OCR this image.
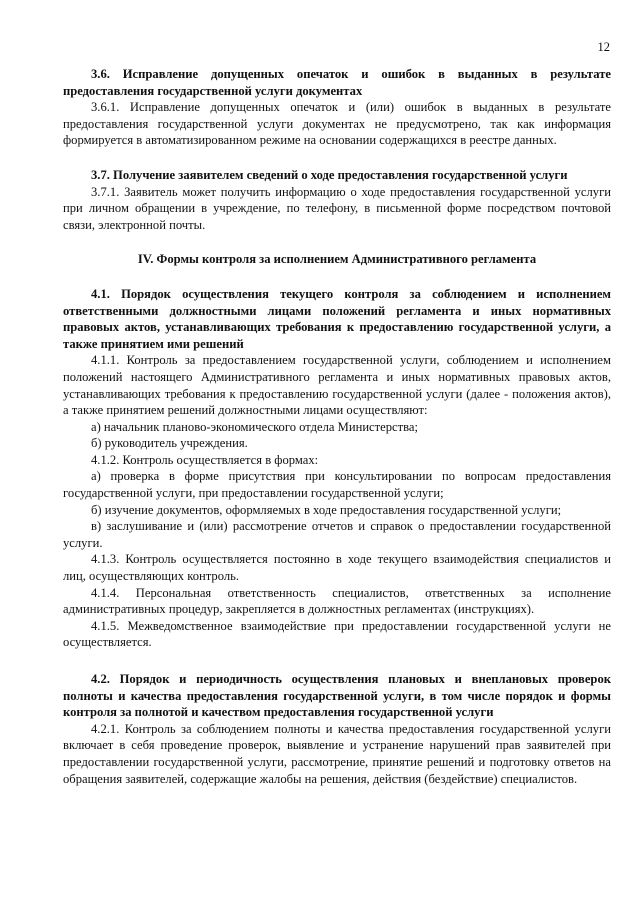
12

3.6. Исправление допущенных опечаток и ошибок в выданных в результате предоставления государственной услуги документах

3.6.1. Исправление допущенных опечаток и (или) ошибок в выданных в результате предоставления государственной услуги документах не предусмотрено, так как информация формируется в автоматизированном режиме на основании содержащихся в реестре данных.

3.7. Получение заявителем сведений о ходе предоставления государственной услуги

3.7.1. Заявитель может получить информацию о ходе предоставления государственной услуги при личном обращении в учреждение, по телефону, в письменной форме посредством почтовой связи, электронной почты.

IV. Формы контроля за исполнением Административного регламента

4.1. Порядок осуществления текущего контроля за соблюдением и исполнением ответственными должностными лицами положений регламента и иных нормативных правовых актов, устанавливающих требования к предоставлению государственной услуги, а также принятием ими решений

4.1.1. Контроль за предоставлением государственной услуги, соблюдением и исполнением положений настоящего Административного регламента и иных нормативных правовых актов, устанавливающих требования к предоставлению государственной услуги (далее - положения актов), а также принятием решений должностными лицами осуществляют:

а) начальник планово-экономического отдела Министерства;

б) руководитель учреждения.

4.1.2. Контроль осуществляется в формах:

а) проверка в форме присутствия при консультировании по вопросам предоставления государственной услуги, при предоставлении государственной услуги;

б) изучение документов, оформляемых в ходе предоставления государственной услуги;

в) заслушивание и (или) рассмотрение отчетов и справок о предоставлении государственной услуги.

4.1.3. Контроль осуществляется постоянно в ходе текущего взаимодействия специалистов и лиц, осуществляющих контроль.

4.1.4. Персональная ответственность специалистов, ответственных за исполнение административных процедур, закрепляется в должностных регламентах (инструкциях).

4.1.5. Межведомственное взаимодействие при предоставлении государственной услуги не осуществляется.

4.2. Порядок и периодичность осуществления плановых и внеплановых проверок полноты и качества предоставления государственной услуги, в том числе порядок и формы контроля за полнотой и качеством предоставления государственной услуги

4.2.1. Контроль за соблюдением полноты и качества предоставления государственной услуги включает в себя проведение проверок, выявление и устранение нарушений прав заявителей при предоставлении государственной услуги, рассмотрение, принятие решений и подготовку ответов на обращения заявителей, содержащие жалобы на решения, действия (бездействие) специалистов.
